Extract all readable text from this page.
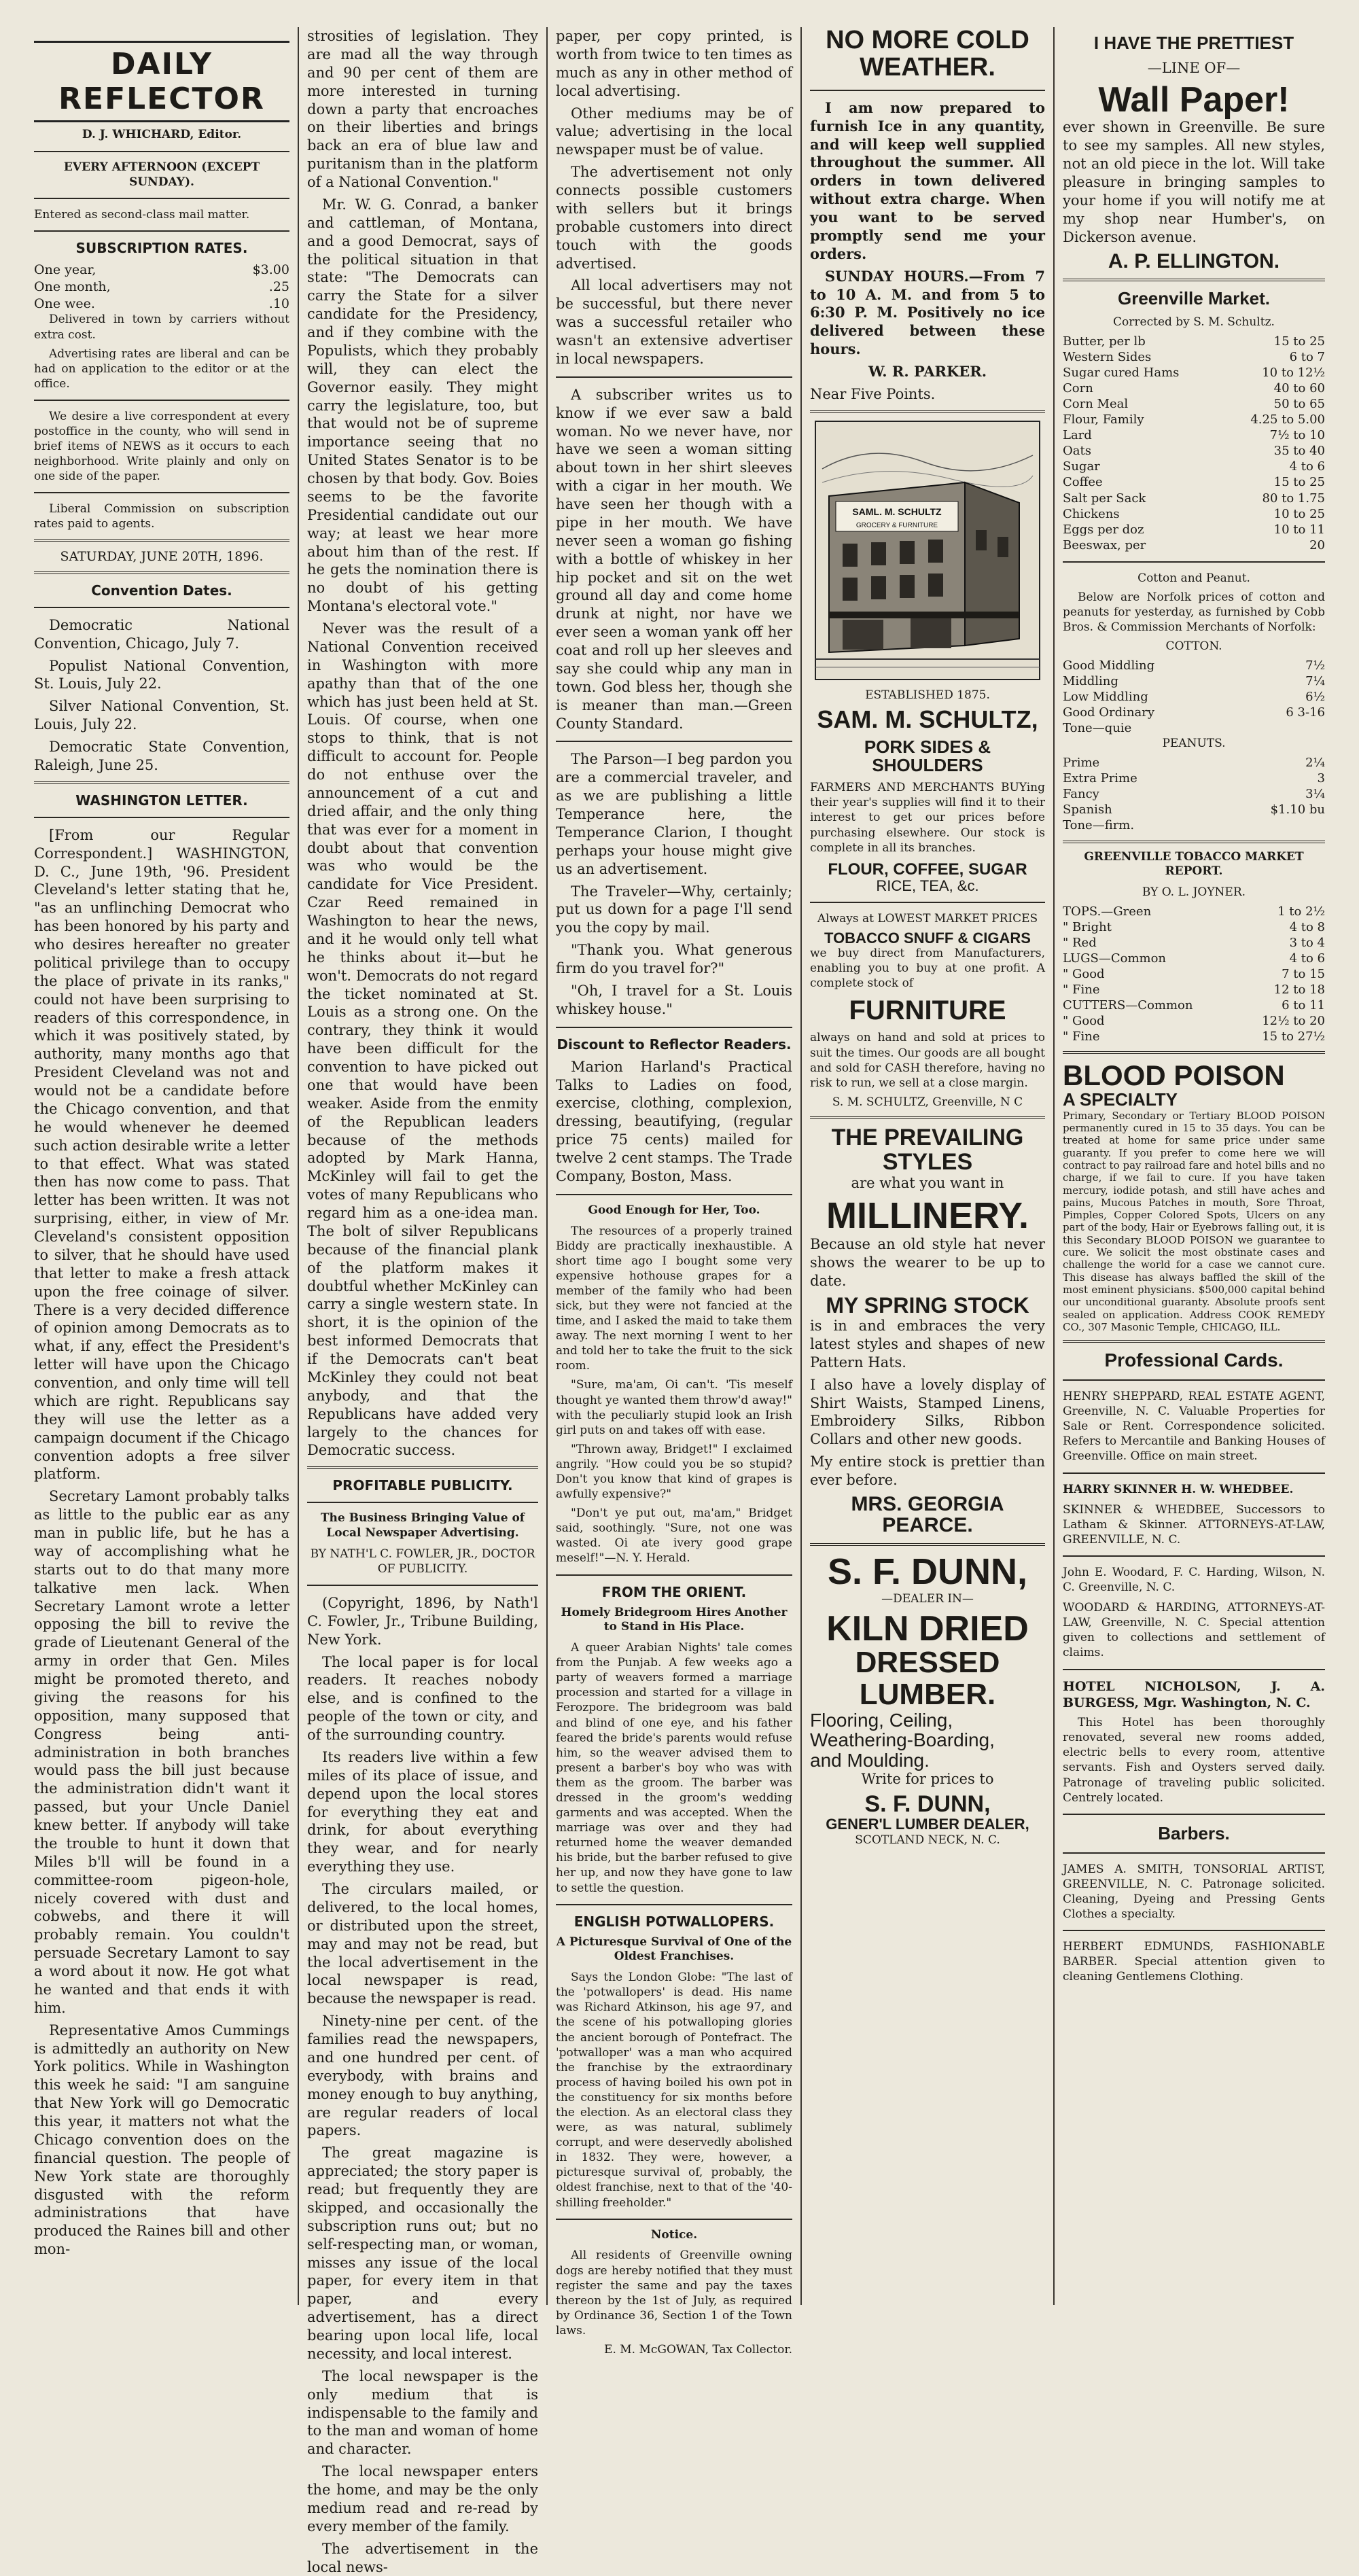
DAILY REFLECTOR

D. J. WHICHARD, Editor.

EVERY AFTERNOON (EXCEPT SUNDAY).

Entered as second-class mail matter.

SUBSCRIPTION RATES.
One year,	$3.00
One month,	.25
One wee.	.10

Delivered in town by carriers without extra cost.

Advertising rates are liberal and can be had on application to the editor or at the office.

We desire a live correspondent at every postoffice in the county, who will send in brief items of NEWS as it occurs to each neighborhood. Write plainly and only on one side of the paper.

Liberal Commission on subscription rates paid to agents.

SATURDAY, JUNE 20TH, 1896.

Convention Dates.

Democratic National Convention, Chicago, July 7.

Populist National Convention, St. Louis, July 22.

Silver National Convention, St. Louis, July 22.

Democratic State Convention, Raleigh, June 25.

WASHINGTON LETTER.

[From our Regular Correspondent.] WASHINGTON, D. C., June 19th, '96. President Cleveland's letter stating that he, "as an unflinching Democrat who has been honored by his party and who desires hereafter no greater political privilege than to occupy the place of private in its ranks," could not have been surprising to readers of this correspondence, in which it was positively stated, by authority, many months ago that President Cleveland was not and would not be a candidate before the Chicago convention, and that he would whenever he deemed such action desirable write a letter to that effect. What was stated then has now come to pass. That letter has been written. It was not surprising, either, in view of Mr. Cleveland's consistent opposition to silver, that he should have used that letter to make a fresh attack upon the free coinage of silver. There is a very decided difference of opinion among Democrats as to what, if any, effect the President's letter will have upon the Chicago convention, and only time will tell which are right. Republicans say they will use the letter as a campaign document if the Chicago convention adopts a free silver platform.

Secretary Lamont probably talks as little to the public ear as any man in public life, but he has a way of accomplishing what he starts out to do that many more talkative men lack. When Secretary Lamont wrote a letter opposing the bill to revive the grade of Lieutenant General of the army in order that Gen. Miles might be promoted thereto, and giving the reasons for his opposition, many supposed that Congress being anti-administration in both branches would pass the bill just because the administration didn't want it passed, but your Uncle Daniel knew better. If anybody will take the trouble to hunt it down that Miles b'll will be found in a committee-room pigeon-hole, nicely covered with dust and cobwebs, and there it will probably remain. You couldn't persuade Secretary Lamont to say a word about it now. He got what he wanted and that ends it with him.

Representative Amos Cummings is admittedly an authority on New York politics. While in Washington this week he said: "I am sanguine that New York will go Democratic this year, it matters not what the Chicago convention does on the financial question. The people of New York state are thoroughly disgusted with the reform administrations that have produced the Raines bill and other mon-

strosities of legislation. They are mad all the way through and 90 per cent of them are more interested in turning down a party that encroaches on their liberties and brings back an era of blue law and puritanism than in the platform of a National Convention."

Mr. W. G. Conrad, a banker and cattleman, of Montana, and a good Democrat, says of the political situation in that state: "The Democrats can carry the State for a silver candidate for the Presidency, and if they combine with the Populists, which they probably will, they can elect the Governor easily. They might carry the legislature, too, but that would not be of supreme importance seeing that no United States Senator is to be chosen by that body. Gov. Boies seems to be the favorite Presidential candidate out our way; at least we hear more about him than of the rest. If he gets the nomination there is no doubt of his getting Montana's electoral vote."

Never was the result of a National Convention received in Washington with more apathy than that of the one which has just been held at St. Louis. Of course, when one stops to think, that is not difficult to account for. People do not enthuse over the announcement of a cut and dried affair, and the only thing that was ever for a moment in doubt about that convention was who would be the candidate for Vice President. Czar Reed remained in Washington to hear the news, and it he would only tell what he thinks about it—but he won't. Democrats do not regard the ticket nominated at St. Louis as a strong one. On the contrary, they think it would have been difficult for the convention to have picked out one that would have been weaker. Aside from the enmity of the Republican leaders because of the methods adopted by Mark Hanna, McKinley will fail to get the votes of many Republicans who regard him as a one-idea man. The bolt of silver Republicans because of the financial plank of the platform makes it doubtful whether McKinley can carry a single western state. In short, it is the opinion of the best informed Democrats that if the Democrats can't beat McKinley they could not beat anybody, and that the Republicans have added very largely to the chances for Democratic success.

PROFITABLE PUBLICITY.

The Business Bringing Value of Local Newspaper Advertising.

BY NATH'L C. FOWLER, JR., DOCTOR OF PUBLICITY.

(Copyright, 1896, by Nath'l C. Fowler, Jr., Tribune Building, New York.

The local paper is for local readers. It reaches nobody else, and is confined to the people of the town or city, and of the surrounding country.

Its readers live within a few miles of its place of issue, and depend upon the local stores for everything they eat and drink, for about everything they wear, and for nearly everything they use.

The circulars mailed, or delivered, to the local homes, or distributed upon the street, may and may not be read, but the local advertisement in the local newspaper is read, because the newspaper is read.

Ninety-nine per cent. of the families read the newspapers, and one hundred per cent. of everybody, with brains and money enough to buy anything, are regular readers of local papers.

The great magazine is appreciated; the story paper is read; but frequently they are skipped, and occasionally the subscription runs out; but no self-respecting man, or woman, misses any issue of the local paper, for every item in that paper, and every advertisement, has a direct bearing upon local life, local necessity, and local interest.

The local newspaper is the only medium that is indispensable to the family and to the man and woman of home and character.

The local newspaper enters the home, and may be the only medium read and re-read by every member of the family.

The advertisement in the local news-

paper, per copy printed, is worth from twice to ten times as much as any in other method of local advertising.

Other mediums may be of value; advertising in the local newspaper must be of value.

The advertisement not only connects possible customers with sellers but it brings probable customers into direct touch with the goods advertised.

All local advertisers may not be successful, but there never was a successful retailer who wasn't an extensive advertiser in local newspapers.

A subscriber writes us to know if we ever saw a bald woman. No we never have, nor have we seen a woman sitting about town in her shirt sleeves with a cigar in her mouth. We have seen her though with a pipe in her mouth. We have never seen a woman go fishing with a bottle of whiskey in her hip pocket and sit on the wet ground all day and come home drunk at night, nor have we ever seen a woman yank off her coat and roll up her sleeves and say she could whip any man in town. God bless her, though she is meaner than man.—Green County Standard.

The Parson—I beg pardon you are a commercial traveler, and as we are publishing a little Temperance here, the Temperance Clarion, I thought perhaps your house might give us an advertisement.

The Traveler—Why, certainly; put us down for a page I'll send you the copy by mail.

"Thank you. What generous firm do you travel for?"

"Oh, I travel for a St. Louis whiskey house."

Discount to Reflector Readers.

Marion Harland's Practical Talks to Ladies on food, exercise, clothing, complexion, dressing, beautifying, (regular price 75 cents) mailed for twelve 2 cent stamps. The Trade Company, Boston, Mass.

Good Enough for Her, Too.

The resources of a properly trained Biddy are practically inexhaustible. A short time ago I bought some very expensive hothouse grapes for a member of the family who had been sick, but they were not fancied at the time, and I asked the maid to take them away. The next morning I went to her and told her to take the fruit to the sick room.

"Sure, ma'am, Oi can't. 'Tis meself thought ye wanted them throw'd away!" with the peculiarly stupid look an Irish girl puts on and takes off with ease.

"Thrown away, Bridget!" I exclaimed angrily. "How could you be so stupid? Don't you know that kind of grapes is awfully expensive?"

"Don't ye put out, ma'am," Bridget said, soothingly. "Sure, not one was wasted. Oi ate ivery good grape meself!"—N. Y. Herald.

FROM THE ORIENT.

Homely Bridegroom Hires Another to Stand in His Place.

A queer Arabian Nights' tale comes from the Punjab. A few weeks ago a party of weavers formed a marriage procession and started for a village in Ferozpore. The bridegroom was bald and blind of one eye, and his father feared the bride's parents would refuse him, so the weaver advised them to present a barber's boy who was with them as the groom. The barber was dressed in the groom's wedding garments and was accepted. When the marriage was over and they had returned home the weaver demanded his bride, but the barber refused to give her up, and now they have gone to law to settle the question.

ENGLISH POTWALLOPERS.

A Picturesque Survival of One of the Oldest Franchises.

Says the London Globe: "The last of the 'potwallopers' is dead. His name was Richard Atkinson, his age 97, and the scene of his potwalloping glories the ancient borough of Pontefract. The 'potwalloper' was a man who acquired the franchise by the extraordinary process of having boiled his own pot in the constituency for six months before the election. As an electoral class they were, as was natural, sublimely corrupt, and were deservedly abolished in 1832. They were, however, a picturesque survival of, probably, the oldest franchise, next to that of the '40-shilling freeholder."

Notice.

All residents of Greenville owning dogs are hereby notified that they must register the same and pay the taxes thereon by the 1st of July, as required by Ordinance 36, Section 1 of the Town laws.

E. M. McGOWAN, Tax Collector.

NO MORE COLD WEATHER.

I am now prepared to furnish Ice in any quantity, and will keep well supplied throughout the summer. All orders in town delivered without extra charge. When you want to be served promptly send me your orders.

SUNDAY HOURS.—From 7 to 10 A. M. and from 5 to 6:30 P. M. Positively no ice delivered between these hours.

W. R. PARKER.

Near Five Points.

SAML. M. SCHULTZ
GROCERY & FURNITURE

ESTABLISHED 1875.

SAM. M. SCHULTZ,
PORK SIDES & SHOULDERS

FARMERS AND MERCHANTS BUYing their year's supplies will find it to their interest to get our prices before purchasing elsewhere. Our stock is complete in all its branches.

FLOUR, COFFEE, SUGAR
RICE, TEA, &c.

Always at LOWEST MARKET PRICES

TOBACCO SNUFF & CIGARS

we buy direct from Manufacturers, enabling you to buy at one profit. A complete stock of

FURNITURE

always on hand and sold at prices to suit the times. Our goods are all bought and sold for CASH therefore, having no risk to run, we sell at a close margin.

S. M. SCHULTZ, Greenville, N C

THE PREVAILING STYLES

are what you want in

MILLINERY.

Because an old style hat never shows the wearer to be up to date.

MY SPRING STOCK

is in and embraces the very latest styles and shapes of new Pattern Hats.

I also have a lovely display of Shirt Waists, Stamped Linens, Embroidery Silks, Ribbon Collars and other new goods.

My entire stock is prettier than ever before.

MRS. GEORGIA PEARCE.
S. F. DUNN,

—DEALER IN—

KILN DRIED
DRESSED LUMBER.
Flooring, Ceiling,
Weathering-Boarding,
and Moulding.

Write for prices to

S. F. DUNN,
GENER'L LUMBER DEALER,

SCOTLAND NECK, N. C.

I HAVE THE PRETTIEST

—LINE OF—

Wall Paper!

ever shown in Greenville. Be sure to see my samples. All new styles, not an old piece in the lot. Will take pleasure in bringing samples to your home if you will notify me at my shop near Humber's, on Dickerson avenue.

A. P. ELLINGTON.
Greenville Market.

Corrected by S. M. Schultz.

Butter, per lb	15 to 25
Western Sides	6 to 7
Sugar cured Hams	10 to 12½
Corn	40 to 60
Corn Meal	50 to 65
Flour, Family	4.25 to 5.00
Lard	7½ to 10
Oats	35 to 40
Sugar	4 to 6
Coffee	15 to 25
Salt per Sack	80 to 1.75
Chickens	10 to 25
Eggs per doz	10 to 11
Beeswax, per	20

Cotton and Peanut.

Below are Norfolk prices of cotton and peanuts for yesterday, as furnished by Cobb Bros. & Commission Merchants of Norfolk:

COTTON.

Good Middling	7½
Middling	7¼
Low Middling	6½
Good Ordinary	6 3-16
Tone—quie

PEANUTS.

Prime	2¼
Extra Prime	3
Fancy	3¼
Spanish	$1.10 bu
Tone—firm.

GREENVILLE TOBACCO MARKET REPORT.

BY O. L. JOYNER.

TOPS.—Green	1 to 2½
" Bright	4 to 8
" Red	3 to 4
LUGS—Common	4 to 6
" Good	7 to 15
" Fine	12 to 18
CUTTERS—Common	6 to 11
" Good	12½ to 20
" Fine	15 to 27½
BLOOD POISON
A SPECIALTY

Primary, Secondary or Tertiary BLOOD POISON permanently cured in 15 to 35 days. You can be treated at home for same price under same guaranty. If you prefer to come here we will contract to pay railroad fare and hotel bills and no charge, if we fail to cure. If you have taken mercury, iodide potash, and still have aches and pains, Mucous Patches in mouth, Sore Throat, Pimples, Copper Colored Spots, Ulcers on any part of the body, Hair or Eyebrows falling out, it is this Secondary BLOOD POISON we guarantee to cure. We solicit the most obstinate cases and challenge the world for a case we cannot cure. This disease has always baffled the skill of the most eminent physicians. $500,000 capital behind our unconditional guaranty. Absolute proofs sent sealed on application. Address COOK REMEDY CO., 307 Masonic Temple, CHICAGO, ILL.

Professional Cards.

HENRY SHEPPARD, REAL ESTATE AGENT, Greenville, N. C. Valuable Properties for Sale or Rent. Correspondence solicited. Refers to Mercantile and Banking Houses of Greenville. Office on main street.

HARRY SKINNER H. W. WHEDBEE.

SKINNER & WHEDBEE, Successors to Latham & Skinner. ATTORNEYS-AT-LAW, GREENVILLE, N. C.

John E. Woodard, F. C. Harding, Wilson, N. C. Greenville, N. C.

WOODARD & HARDING, ATTORNEYS-AT-LAW, Greenville, N. C. Special attention given to collections and settlement of claims.

HOTEL NICHOLSON, J. A. BURGESS, Mgr. Washington, N. C.

This Hotel has been thoroughly renovated, several new rooms added, electric bells to every room, attentive servants. Fish and Oysters served daily. Patronage of traveling public solicited. Centrely located.

Barbers.

JAMES A. SMITH, TONSORIAL ARTIST, GREENVILLE, N. C. Patronage solicited. Cleaning, Dyeing and Pressing Gents Clothes a specialty.

HERBERT EDMUNDS, FASHIONABLE BARBER. Special attention given to cleaning Gentlemens Clothing.
